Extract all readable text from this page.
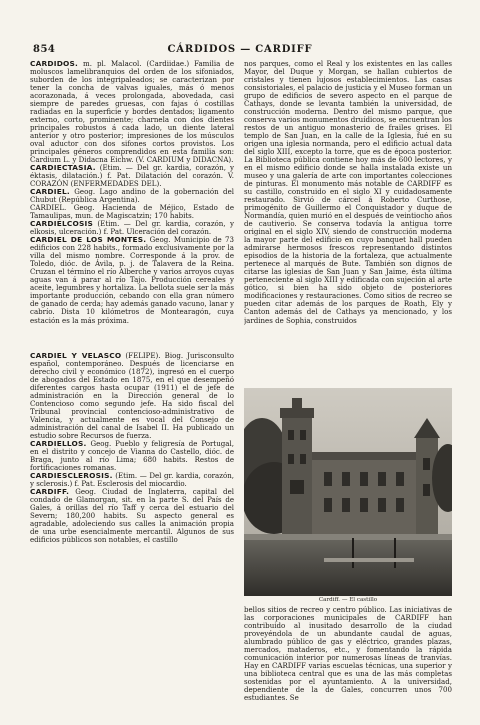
854	CÁRDIDOS — CARDIFF

CÁRDIDOS. m. pl. Malacol. (Cardiidae.) Familia de moluscos lamelibranquios del orden de los sifoniados, suborden de los integripaleados; se caracterizan por tener la concha de valvas iguales, más ó menos acorazonada, á veces prolongada, abovedada, casi siempre de paredes gruesas, con fajas ó costillas radiadas en la superficie y bordes dentados; ligamento externo, corto, prominente; charnela con dos dientes principales robustos á cada lado, un diente lateral anterior y otro posterior; impresiones de los músculos oval aductor con dos sifones cortos provistos. Los principales géneros comprendidos en esta familia son: Cardium L. y Didacna Eichw. (V. CARDIUM y DIDACNA).

CARDIECTASIA. (Etim. — Del gr. kardia, corazón, y éktasis, dilatación.) f. Pat. Dilatación del corazón. V. CORAZÓN (ENFERMEDADES DEL).

CARDIEL. Geog. Lago andino de la gobernación del Chubut (República Argentina).

CARDIEL. Geog. Hacienda de Méjico, Estado de Tamaulipas, mun. de Magiscatzin; 170 habits.

CARDIELCOSIS (Etim. — Del gr. kardia, corazón, y elkosis, ulceración.) f. Pat. Ulceración del corazón.

CARDIEL DE LOS MONTES. Geog. Municipio de 73 edificios con 228 habits., formado exclusivamente por la villa del mismo nombre. Corresponde á la prov. de Toledo, dióc. de Ávila, p. j. de Talavera de la Reina. Cruzan el término el río Alberche y varios arroyos cuyas aguas van á parar al río Tajo. Producción cereales y aceite, legumbres y hortaliza. La bellota suele ser la más importante producción, cebando con ella gran número de ganado de cerda; hay además ganado vacuno, lanar y cabrío. Dista 10 kilómetros de Montearagón, cuya estación es la más próxima.

CARDIEL Y VELASCO (FELIPE). Biog. Jurisconsulto español, contemporáneo. Después de licenciarse en derecho civil y económico (1872), ingresó en el cuerpo de abogados del Estado en 1875, en el que desempeñó diferentes cargos hasta ocupar (1911) el de jefe de administración en la Dirección general de lo Contencioso como segundo jefe. Ha sido fiscal del Tribunal provincial contencioso-administrativo de Valencia, y actualmente es vocal del Consejo de administración del canal de Isabel II. Ha publicado un estudio sobre Recursos de fuerza.

CARDIELLOS. Geog. Pueblo y feligresía de Portugal, en el distrito y concejo de Vianna do Castello, dióc. de Braga, junto al río Lima; 680 habits. Restos de fortificaciones romanas.

CARDIESCLEROSIS. (Etim. — Del gr. kardia, corazón, y sclerosis.) f. Pat. Esclerosis del miocardio.

CARDIFF. Geog. Ciudad de Inglaterra, capital del condado de Glamorgan, sit. en la parte S. del País de Gales, á orillas del río Taff y cerca del estuario del Severn; 180,200 habits. Su aspecto general es agradable, adoleciendo sus calles la animación propia de una urbe esencialmente mercantil. Algunos de sus edificios públicos son notables, el castillo

nos parques, como el Real y los existentes en las calles Mayor, del Duque y Morgan, se hallan cubiertos de cristales y tienen lujosos establecimientos. Las casas consistoriales, el palacio de justicia y el Museo forman un grupo de edificios de severo aspecto en el parque de Cathays, donde se levanta también la universidad, de construcción moderna. Dentro del mismo parque, que conserva varios monumentos druídicos, se encuentran los restos de un antiguo monasterio de frailes grises. El templo de San Juan, en la calle de la Iglesia, fué en su origen una iglesia normanda, pero el edificio actual data del siglo XIII, excepto la torre, que es de época posterior. La Biblioteca pública contiene hoy más de 600 lectores, y en el mismo edificio donde se halla instalada existe un museo y una galería de arte con importantes colecciones de pinturas. El monumento más notable de CARDIFF es su castillo, construido en el siglo XI y cuidadosamente restaurado. Sirvió de cárcel á Roberto Curthose, primogénito de Guillermo el Conquistador y duque de Normandía, quien murió en el después de veintiocho años de cautiverio. Se conserva todavía la antigua torre original en el siglo XIV, siendo de construcción moderna la mayor parte del edificio en cuyo banquet hall pueden admirarse hermosos frescos representando distintos episodios de la historia de la fortaleza, que actualmente pertenece al marqués de Bute. También son dignos de citarse las iglesias de San Juan y San Jaime, ésta última perteneciente al siglo XIII y edificada con sujeción al arte gótico, si bien ha sido objeto de posteriores modificaciones y restauraciones. Como sitios de recreo se pueden citar además de los parques de Roath, Ely y Canton además del de Cathays ya mencionado, y los jardines de Sophia, construidos

Cardiff. — El castillo

bellos sitios de recreo y centro público. Las iniciativas de las corporaciones municipales de CARDIFF han contribuido al inusitado desarrollo de la ciudad proveyéndola de un abundante caudal de aguas, alumbrado público de gas y eléctrico, grandes plazas, mercados, mataderos, etc., y fomentando la rápida comunicación interior por numerosas líneas de tranvías. Hay en CARDIFF varias escuelas técnicas, una superior y una biblioteca central que es una de las más completas sostenidas por el ayuntamiento. A la universidad, dependiente de la de Gales, concurren unos 700 estudiantes. Se
